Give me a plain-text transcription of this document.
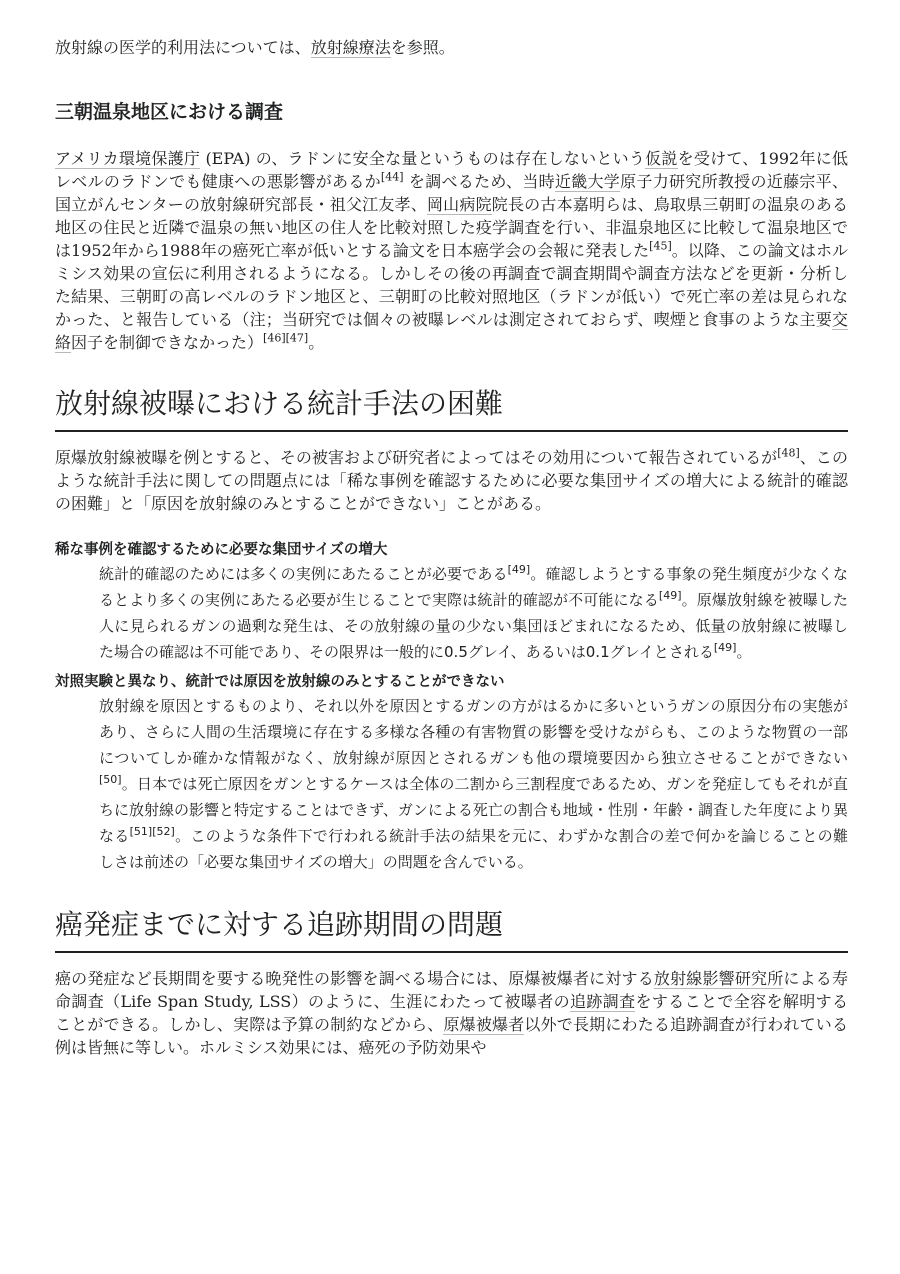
放射線の医学的利用法については、放射線療法を参照。

三朝温泉地区における調査

アメリカ環境保護庁 (EPA) の、ラドンに安全な量というものは存在しないという仮説を受けて、1992年に低レベルのラドンでも健康への悪影響があるか[44] を調べるため、当時近畿大学原子力研究所教授の近藤宗平、国立がんセンターの放射線研究部長・祖父江友孝、岡山病院院長の古本嘉明らは、鳥取県三朝町の温泉のある地区の住民と近隣で温泉の無い地区の住人を比較対照した疫学調査を行い、非温泉地区に比較して温泉地区では1952年から1988年の癌死亡率が低いとする論文を日本癌学会の会報に発表した[45]。以降、この論文はホルミシス効果の宣伝に利用されるようになる。しかしその後の再調査で調査期間や調査方法などを更新・分析した結果、三朝町の高レベルのラドン地区と、三朝町の比較対照地区（ラドンが低い）で死亡率の差は見られなかった、と報告している（注；当研究では個々の被曝レベルは測定されておらず、喫煙と食事のような主要交絡因子を制御できなかった）[46][47]。

放射線被曝における統計手法の困難

原爆放射線被曝を例とすると、その被害および研究者によってはその効用について報告されているが[48]、このような統計手法に関しての問題点には「稀な事例を確認するために必要な集団サイズの増大による統計的確認の困難」と「原因を放射線のみとすることができない」ことがある。

稀な事例を確認するために必要な集団サイズの増大
統計的確認のためには多くの実例にあたることが必要である[49]。確認しようとする事象の発生頻度が少なくなるとより多くの実例にあたる必要が生じることで実際は統計的確認が不可能になる[49]。原爆放射線を被曝した人に見られるガンの過剰な発生は、その放射線の量の少ない集団ほどまれになるため、低量の放射線に被曝した場合の確認は不可能であり、その限界は一般的に0.5グレイ、あるいは0.1グレイとされる[49]。
対照実験と異なり、統計では原因を放射線のみとすることができない
放射線を原因とするものより、それ以外を原因とするガンの方がはるかに多いというガンの原因分布の実態があり、さらに人間の生活環境に存在する多様な各種の有害物質の影響を受けながらも、このような物質の一部についてしか確かな情報がなく、放射線が原因とされるガンも他の環境要因から独立させることができない[50]。日本では死亡原因をガンとするケースは全体の二割から三割程度であるため、ガンを発症してもそれが直ちに放射線の影響と特定することはできず、ガンによる死亡の割合も地域・性別・年齢・調査した年度により異なる[51][52]。このような条件下で行われる統計手法の結果を元に、わずかな割合の差で何かを論じることの難しさは前述の「必要な集団サイズの増大」の問題を含んでいる。
癌発症までに対する追跡期間の問題

癌の発症など長期間を要する晩発性の影響を調べる場合には、原爆被爆者に対する放射線影響研究所による寿命調査（Life Span Study, LSS）のように、生涯にわたって被曝者の追跡調査をすることで全容を解明することができる。しかし、実際は予算の制約などから、原爆被爆者以外で長期にわたる追跡調査が行われている例は皆無に等しい。ホルミシス効果には、癌死の予防効果や
